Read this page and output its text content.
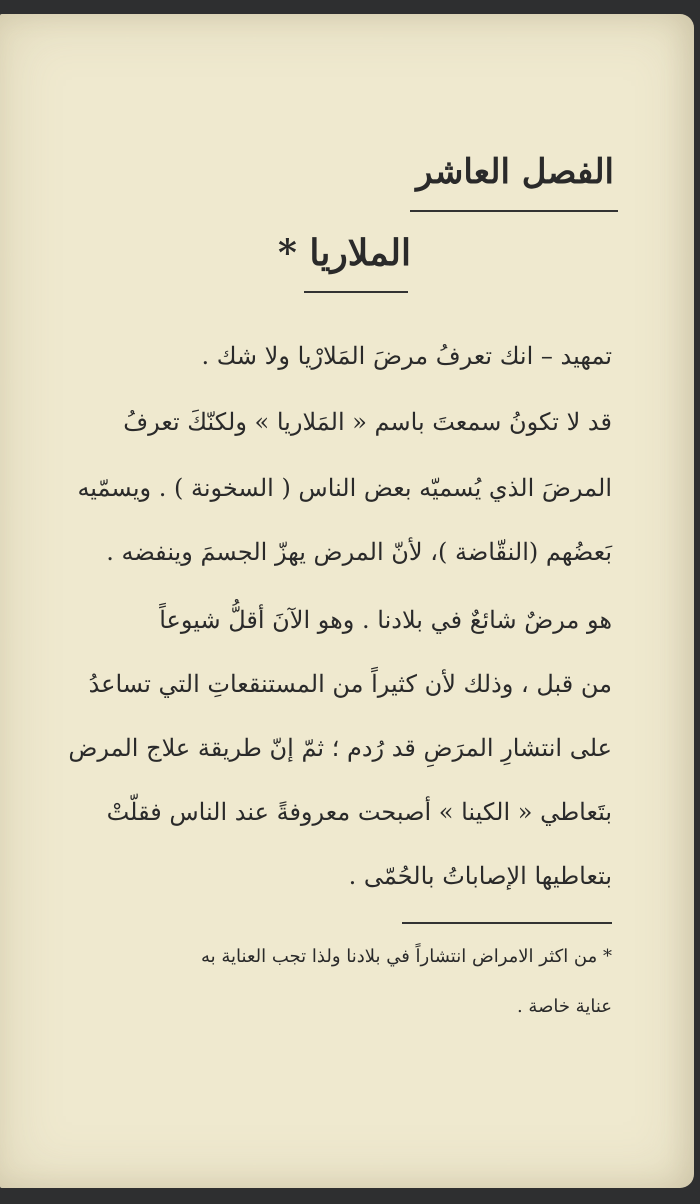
الفصل العاشر
الملاريا *

تمهيد – انك تعرفُ مرضَ المَلارْيا ولا شك .

قد لا تكونُ سمعتَ باسم « المَلاريا » ولكنّكَ تعرفُ

المرضَ الذي يُسميّه بعض الناس ( السخونة ) . ويسمّيه

بَعضُهم (النقّاضة )، لأنّ المرض يهزّ الجسمَ وينفضه .

هو مرضٌ شائعٌ في بلادنا . وهو الآنَ أقلُّ شيوعاً

من قبل ، وذلك لأن كثيراً من المستنقعاتِ التي تساعدُ

على انتشارِ المرَضِ قد رُدم ؛ ثمّ إنّ طريقة علاج المرض

بتَعاطي « الكينا » أصبحت معروفةً عند الناس فقلّتْ

بتعاطيها الإصاباتُ بالحُمّى .

* من اكثر الامراض انتشاراً في بلادنا ولذا تجب العناية به

عناية خاصة .
